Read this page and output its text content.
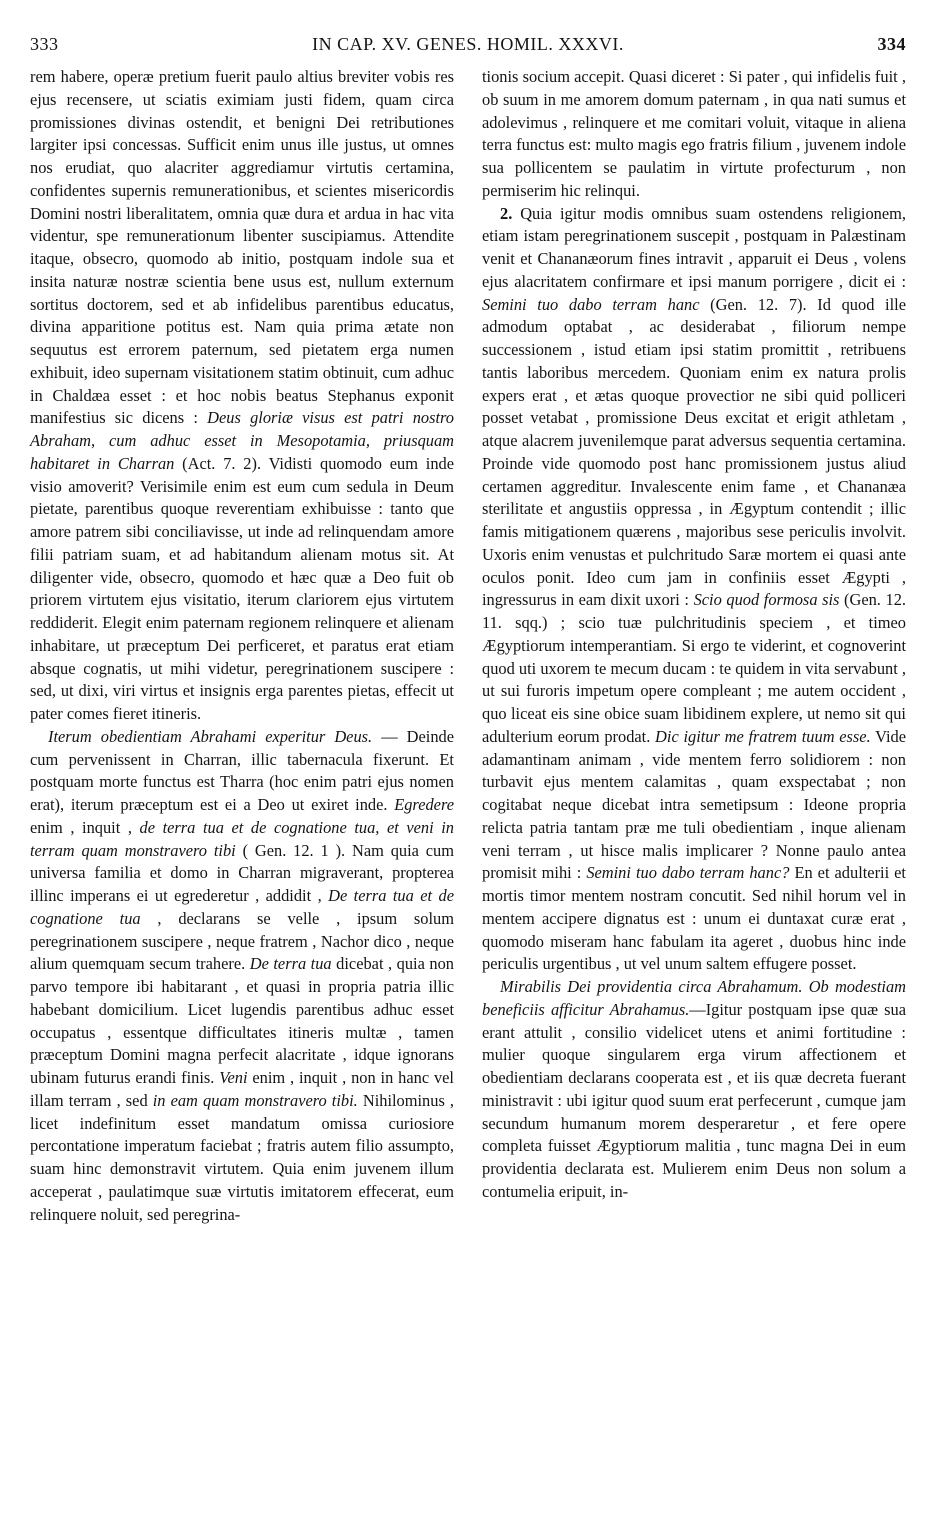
333	IN CAP. XV. GENES. HOMIL. XXXVI.	334

rem habere, operæ pretium fuerit paulo altius breviter vobis res ejus recensere, ut sciatis eximiam justi fidem, quam circa promissiones divinas ostendit, et benigni Dei retributiones largiter ipsi concessas. Sufficit enim unus ille justus, ut omnes nos erudiat, quo alacriter aggrediamur virtutis certamina, confidentes supernis remunerationibus, et scientes misericordis Domini nostri liberalitatem, omnia quæ dura et ardua in hac vita videntur, spe remunerationum libenter suscipiamus. Attendite itaque, obsecro, quomodo ab initio, postquam indole sua et insita naturæ nostræ scientia bene usus est, nullum externum sortitus doctorem, sed et ab infidelibus parentibus educatus, divina apparitione potitus est. Nam quia prima ætate non sequutus est errorem paternum, sed pietatem erga numen exhibuit, ideo supernam visitationem statim obtinuit, cum adhuc in Chaldæa esset : et hoc nobis beatus Stephanus exponit manifestius sic dicens : Deus gloriæ visus est patri nostro Abraham, cum adhuc esset in Mesopotamia, priusquam habitaret in Charran (Act. 7. 2). Vidisti quomodo eum inde visio amoverit? Verisimile enim est eum cum sedula in Deum pietate, parentibus quoque reverentiam exhibuisse : tanto que amore patrem sibi conciliavisse, ut inde ad relinquendam amore filii patriam suam, et ad habitandum alienam motus sit. At diligenter vide, obsecro, quomodo et hæc quæ a Deo fuit ob priorem virtutem ejus visitatio, iterum clariorem ejus virtutem reddiderit. Elegit enim paternam regionem relinquere et alienam inhabitare, ut præceptum Dei perficeret, et paratus erat etiam absque cognatis, ut mihi videtur, peregrinationem suscipere : sed, ut dixi, viri virtus et insignis erga parentes pietas, effecit ut pater comes fieret itineris.

Iterum obedientiam Abrahami experitur Deus. — Deinde cum pervenissent in Charran, illic tabernacula fixerunt. Et postquam morte functus est Tharra (hoc enim patri ejus nomen erat), iterum præceptum est ei a Deo ut exiret inde. Egredere enim , inquit , de terra tua et de cognatione tua, et veni in terram quam monstravero tibi ( Gen. 12. 1 ). Nam quia cum universa familia et domo in Charran migraverant, propterea illinc imperans ei ut egrederetur , addidit , De terra tua et de cognatione tua , declarans se velle , ipsum solum peregrinationem suscipere , neque fratrem , Nachor dico , neque alium quemquam secum trahere. De terra tua dicebat , quia non parvo tempore ibi habitarant , et quasi in propria patria illic habebant domicilium. Licet lugendis parentibus adhuc esset occupatus , essentque difficultates itineris multæ , tamen præceptum Domini magna perfecit alacritate , idque ignorans ubinam futurus erandi finis. Veni enim , inquit , non in hanc vel illam terram , sed in eam quam monstravero tibi. Nihilominus , licet indefinitum esset mandatum omissa curiosiore percontatione imperatum faciebat ; fratris autem filio assumpto, suam hinc demonstravit virtutem. Quia enim juvenem illum acceperat , paulatimque suæ virtutis imitatorem effecerat, eum relinquere noluit, sed peregrina-

tionis socium accepit. Quasi diceret : Si pater , qui infidelis fuit , ob suum in me amorem domum paternam , in qua nati sumus et adolevimus , relinquere et me comitari voluit, vitaque in aliena terra functus est: multo magis ego fratris filium , juvenem indole sua pollicentem se paulatim in virtute profecturum , non permiserim hic relinqui.

2. Quia igitur modis omnibus suam ostendens religionem, etiam istam peregrinationem suscepit , postquam in Palæstinam venit et Chananæorum fines intravit , apparuit ei Deus , volens ejus alacritatem confirmare et ipsi manum porrigere , dicit ei : Semini tuo dabo terram hanc (Gen. 12. 7). Id quod ille admodum optabat , ac desiderabat , filiorum nempe successionem , istud etiam ipsi statim promittit , retribuens tantis laboribus mercedem. Quoniam enim ex natura prolis expers erat , et ætas quoque provectior ne sibi quid polliceri posset vetabat , promissione Deus excitat et erigit athletam , atque alacrem juvenilemque parat adversus sequentia certamina. Proinde vide quomodo post hanc promissionem justus aliud certamen aggreditur. Invalescente enim fame , et Chananæa sterilitate et angustiis oppressa , in Ægyptum contendit ; illic famis mitigationem quærens , majoribus sese periculis involvit. Uxoris enim venustas et pulchritudo Saræ mortem ei quasi ante oculos ponit. Ideo cum jam in confiniis esset Ægypti , ingressurus in eam dixit uxori : Scio quod formosa sis (Gen. 12. 11. sqq.) ; scio tuæ pulchritudinis speciem , et timeo Ægyptiorum intemperantiam. Si ergo te viderint, et cognoverint quod uti uxorem te mecum ducam : te quidem in vita servabunt , ut sui furoris impetum opere compleant ; me autem occident , quo liceat eis sine obice suam libidinem explere, ut nemo sit qui adulterium eorum prodat. Dic igitur me fratrem tuum esse. Vide adamantinam animam , vide mentem ferro solidiorem : non turbavit ejus mentem calamitas , quam exspectabat ; non cogitabat neque dicebat intra semetipsum : Ideone propria relicta patria tantam præ me tuli obedientiam , inque alienam veni terram , ut hisce malis implicarer ? Nonne paulo antea promisit mihi : Semini tuo dabo terram hanc? En et adulterii et mortis timor mentem nostram concutit. Sed nihil horum vel in mentem accipere dignatus est : unum ei duntaxat curæ erat , quomodo miseram hanc fabulam ita ageret , duobus hinc inde periculis urgentibus , ut vel unum saltem effugere posset.

Mirabilis Dei providentia circa Abrahamum. Ob modestiam beneficiis afficitur Abrahamus.—Igitur postquam ipse quæ sua erant attulit , consilio videlicet utens et animi fortitudine : mulier quoque singularem erga virum affectionem et obedientiam declarans cooperata est , et iis quæ decreta fuerant ministravit : ubi igitur quod suum erat perfecerunt , cumque jam secundum humanum morem desperaretur , et fere opere completa fuisset Ægyptiorum malitia , tunc magna Dei in eum providentia declarata est. Mulierem enim Deus non solum a contumelia eripuit, in-
